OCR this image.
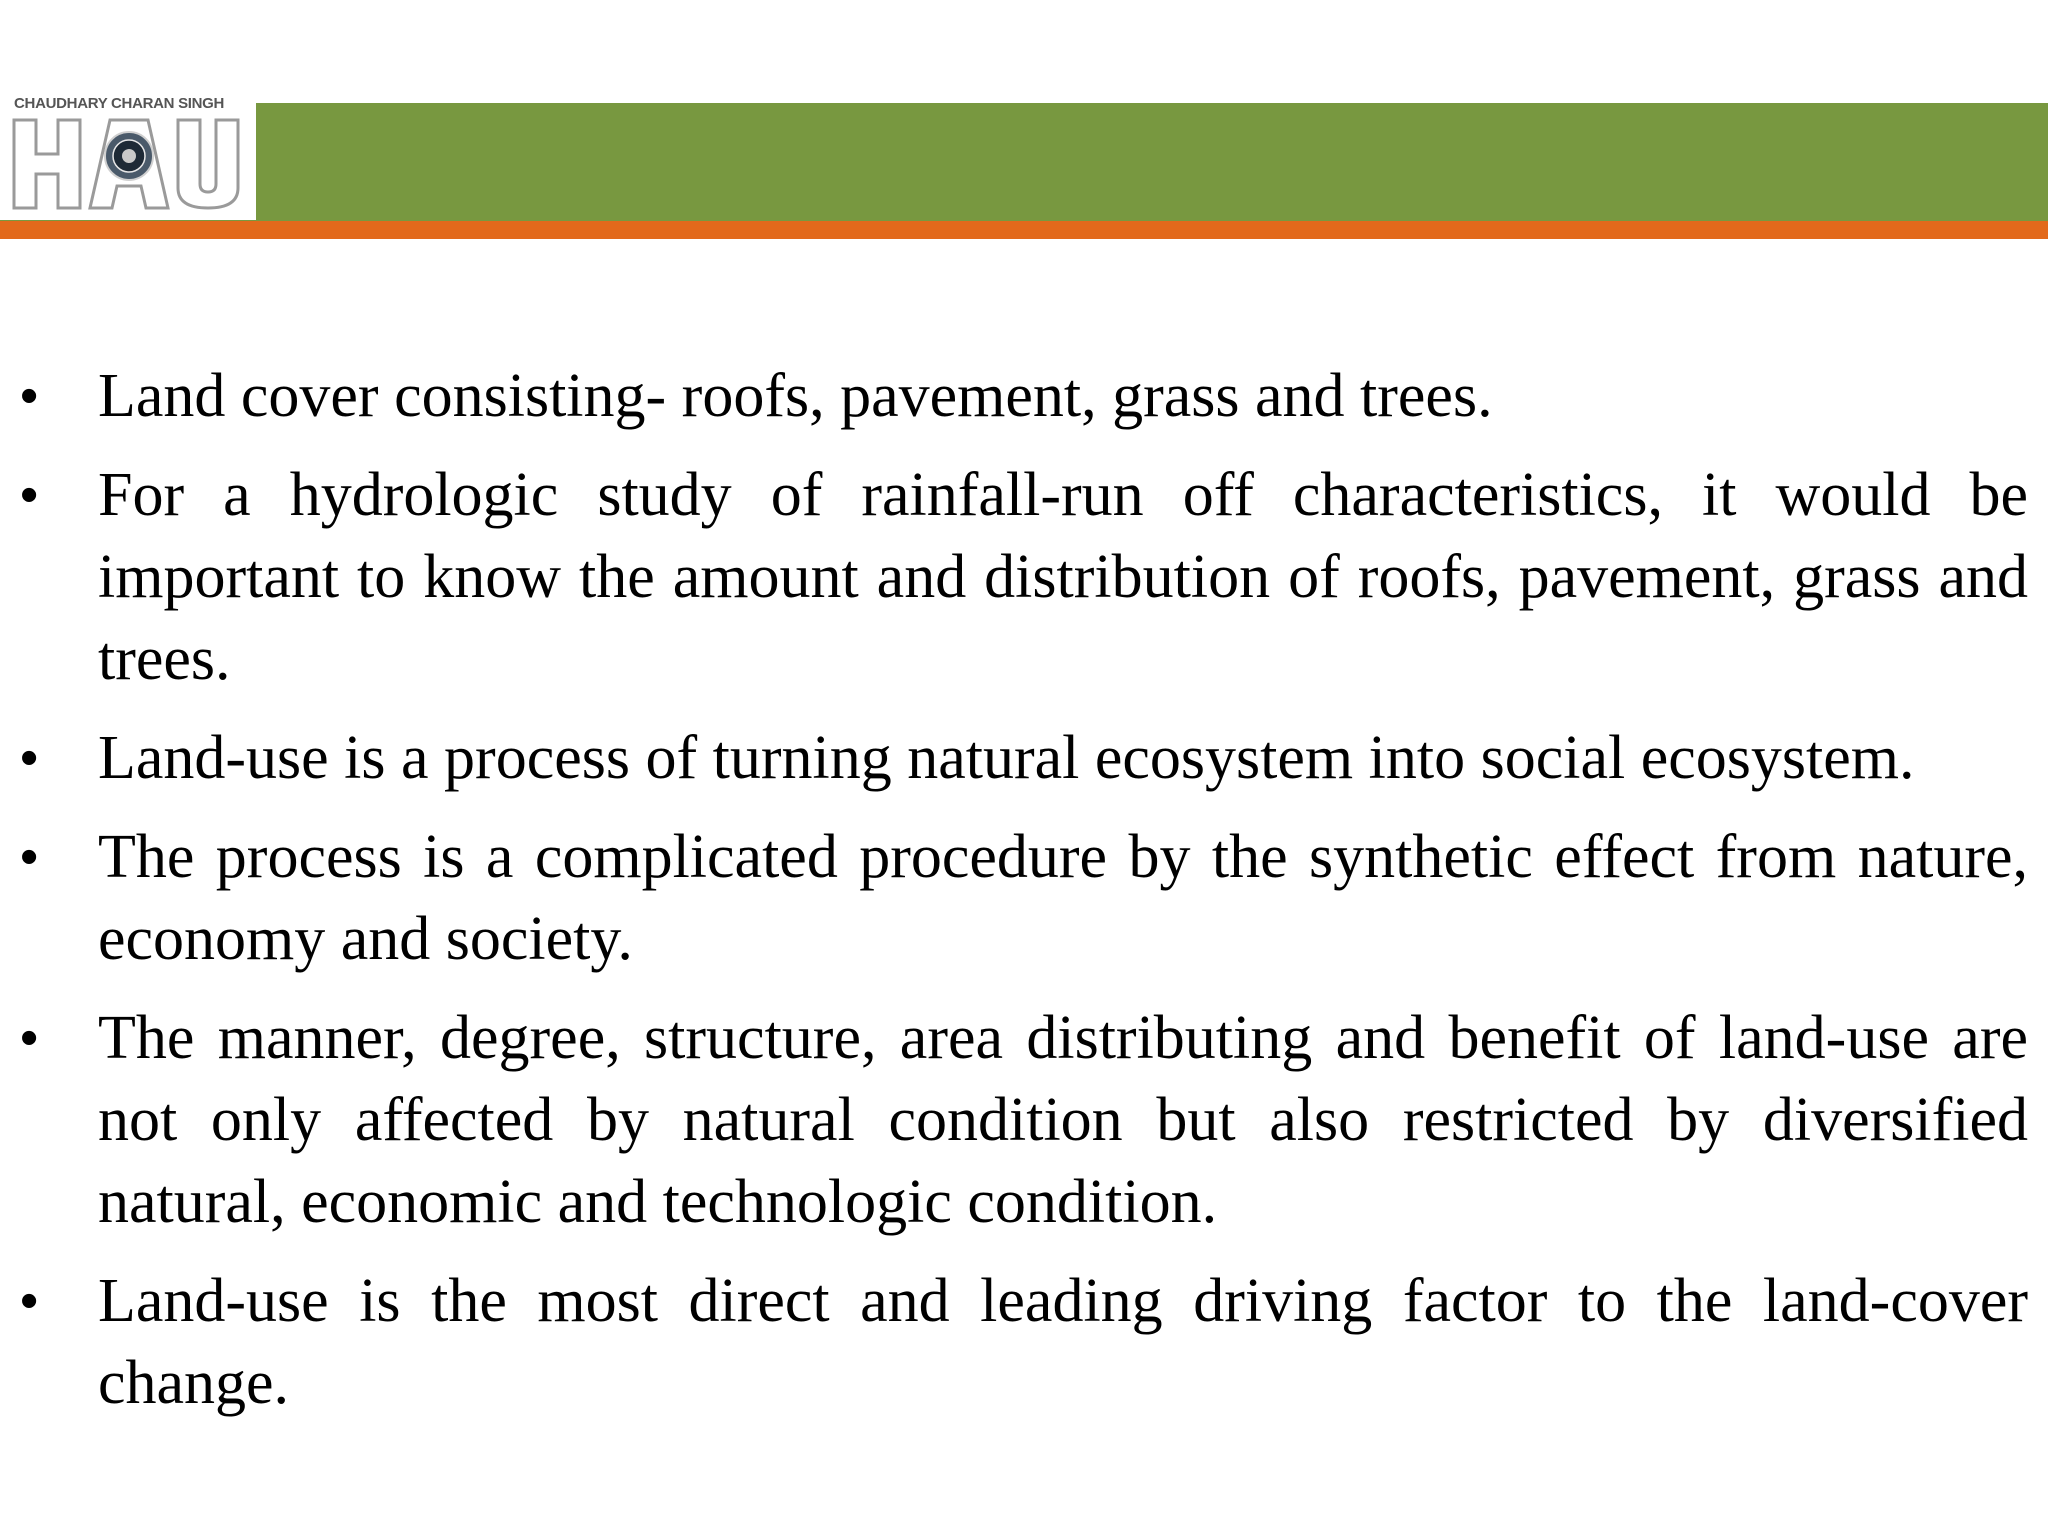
CHAUDHARY CHARAN SINGH
• Land cover consisting- roofs, pavement, grass and trees.
• For a hydrologic study of rainfall-run off characteristics, it would be important to know the amount and distribution of roofs, pavement, grass and trees.
• Land-use is a process of turning natural ecosystem into social ecosystem.
• The process is a complicated procedure by the synthetic effect from nature, economy and society.
• The manner, degree, structure, area distributing and benefit of land-use are not only affected by natural condition but also restricted by diversified natural, economic and technologic condition.
• Land-use is the most direct and leading driving factor to the land-cover change.
